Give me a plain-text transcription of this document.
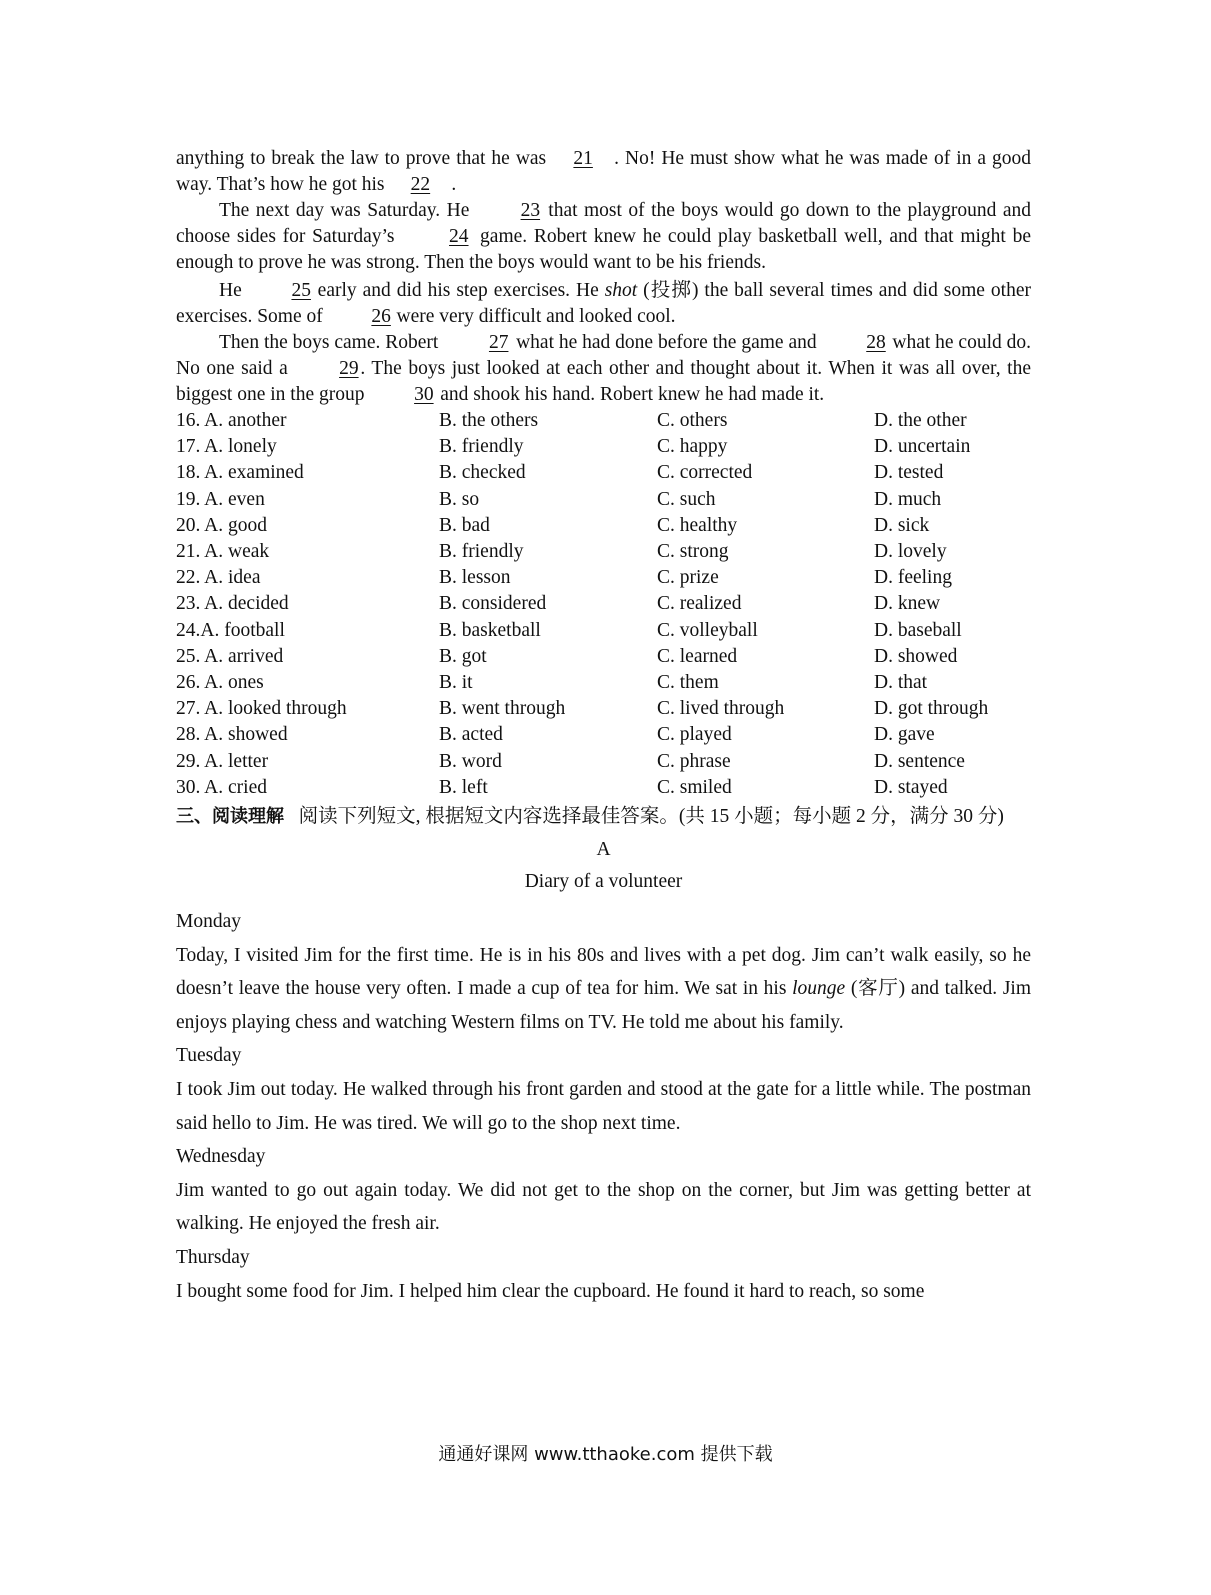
anything to break the law to prove that he was 21 . No! He must show what he was made of in a good way. That’s how he got his 22 .

The next day was Saturday. He 23 that most of the boys would go down to the playground and choose sides for Saturday’s 24 game. Robert knew he could play basketball well, and that might be enough to prove he was strong. Then the boys would want to be his friends.

He 25 early and did his step exercises. He shot (投掷) the ball several times and did some other exercises. Some of 26 were very difficult and looked cool.

Then the boys came. Robert 27 what he had done before the game and 28 what he could do. No one said a 29. The boys just looked at each other and thought about it. When it was all over, the biggest one in the group 30 and shook his hand. Robert knew he had made it.

16. A. another	B. the others	C. others	D. the other
17. A. lonely	B. friendly	C. happy	D. uncertain
18. A. examined	B. checked	C. corrected	D. tested
19. A. even	B. so	C. such	D. much
20. A. good	B. bad	C. healthy	D. sick
21. A. weak	B. friendly	C. strong	D. lovely
22. A. idea	B. lesson	C. prize	D. feeling
23. A. decided	B. considered	C. realized	D. knew
24.A. football	B. basketball	C. volleyball	D. baseball
25. A. arrived	B. got	C. learned	D. showed
26. A. ones	B. it	C. them	D. that
27. A. looked through	B. went through	C. lived through	D. got through
28. A. showed	B. acted	C. played	D. gave
29. A. letter	B. word	C. phrase	D. sentence
30. A. cried	B. left	C. smiled	D. stayed

三、阅读理解 阅读下列短文, 根据短文内容选择最佳答案。(共 15 小题；每小题 2 分，满分 30 分)

A

Diary of a volunteer

Monday

Today, I visited Jim for the first time. He is in his 80s and lives with a pet dog. Jim can’t walk easily, so he doesn’t leave the house very often. I made a cup of tea for him. We sat in his lounge (客厅) and talked. Jim enjoys playing chess and watching Western films on TV. He told me about his family.

Tuesday

I took Jim out today. He walked through his front garden and stood at the gate for a little while. The postman said hello to Jim. He was tired. We will go to the shop next time.

Wednesday

Jim wanted to go out again today. We did not get to the shop on the corner, but Jim was getting better at walking. He enjoyed the fresh air.

Thursday

I bought some food for Jim. I helped him clear the cupboard. He found it hard to reach, so some

通通好课网 www.tthaoke.com 提供下载
